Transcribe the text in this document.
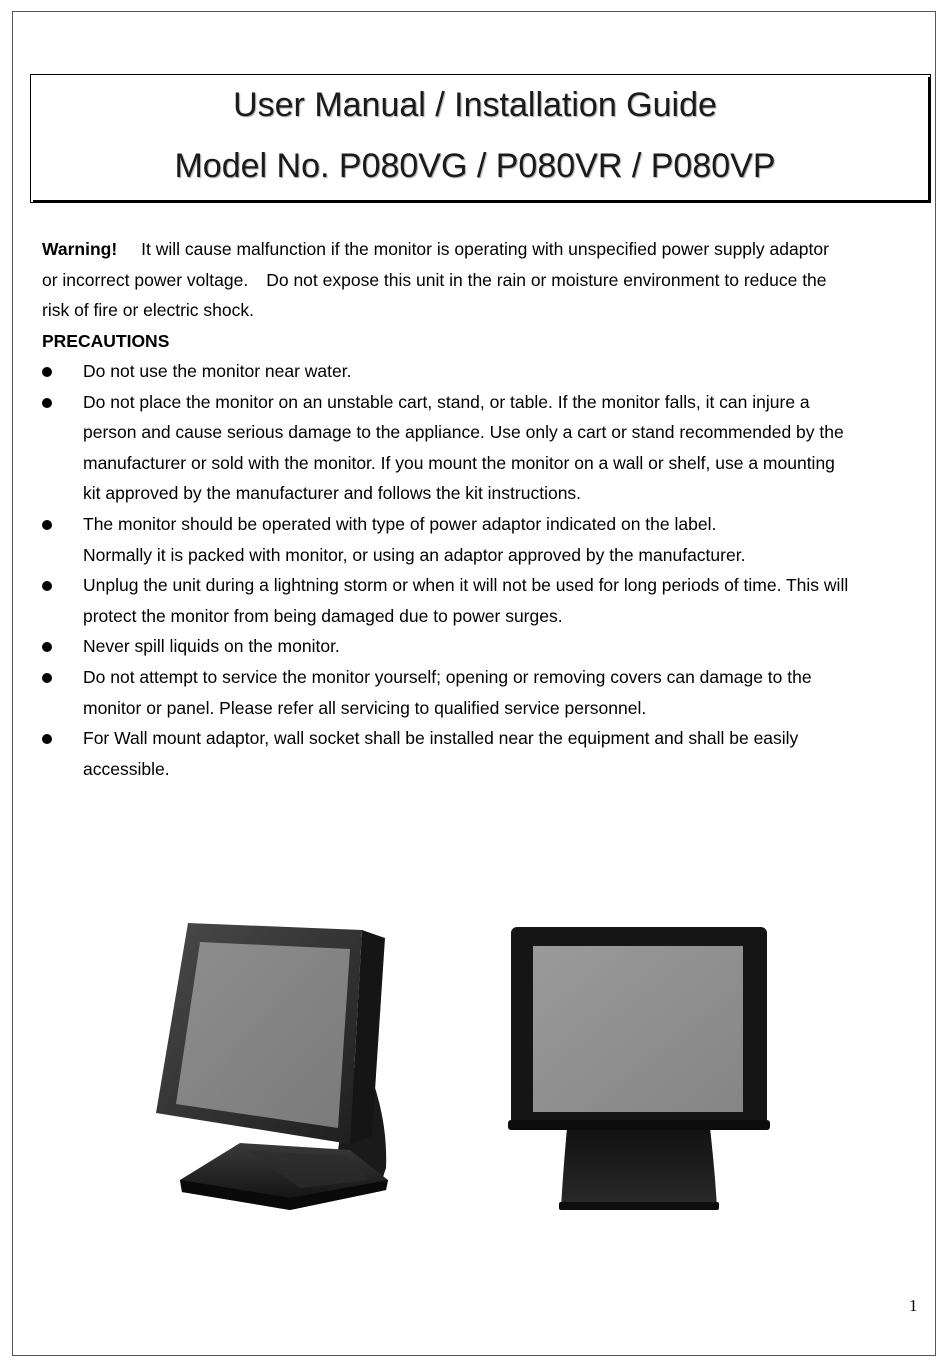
User Manual / Installation Guide
Model No. P080VG / P080VR / P080VP
Warning! It will cause malfunction if the monitor is operating with unspecified power supply adaptor
or incorrect power voltage. Do not expose this unit in the rain or moisture environment to reduce the
risk of fire or electric shock.
PRECAUTIONS
Do not use the monitor near water.
Do not place the monitor on an unstable cart, stand, or table. If the monitor falls, it can injure a
person and cause serious damage to the appliance. Use only a cart or stand recommended by the
manufacturer or sold with the monitor. If you mount the monitor on a wall or shelf, use a mounting
kit approved by the manufacturer and follows the kit instructions.
The monitor should be operated with type of power adaptor indicated on the label.
Normally it is packed with monitor, or using an adaptor approved by the manufacturer.
Unplug the unit during a lightning storm or when it will not be used for long periods of time. This will
protect the monitor from being damaged due to power surges.
Never spill liquids on the monitor.
Do not attempt to service the monitor yourself; opening or removing covers can damage to the
monitor or panel. Please refer all servicing to qualified service personnel.
For Wall mount adaptor, wall socket shall be installed near the equipment and shall be easily
accessible.
1
